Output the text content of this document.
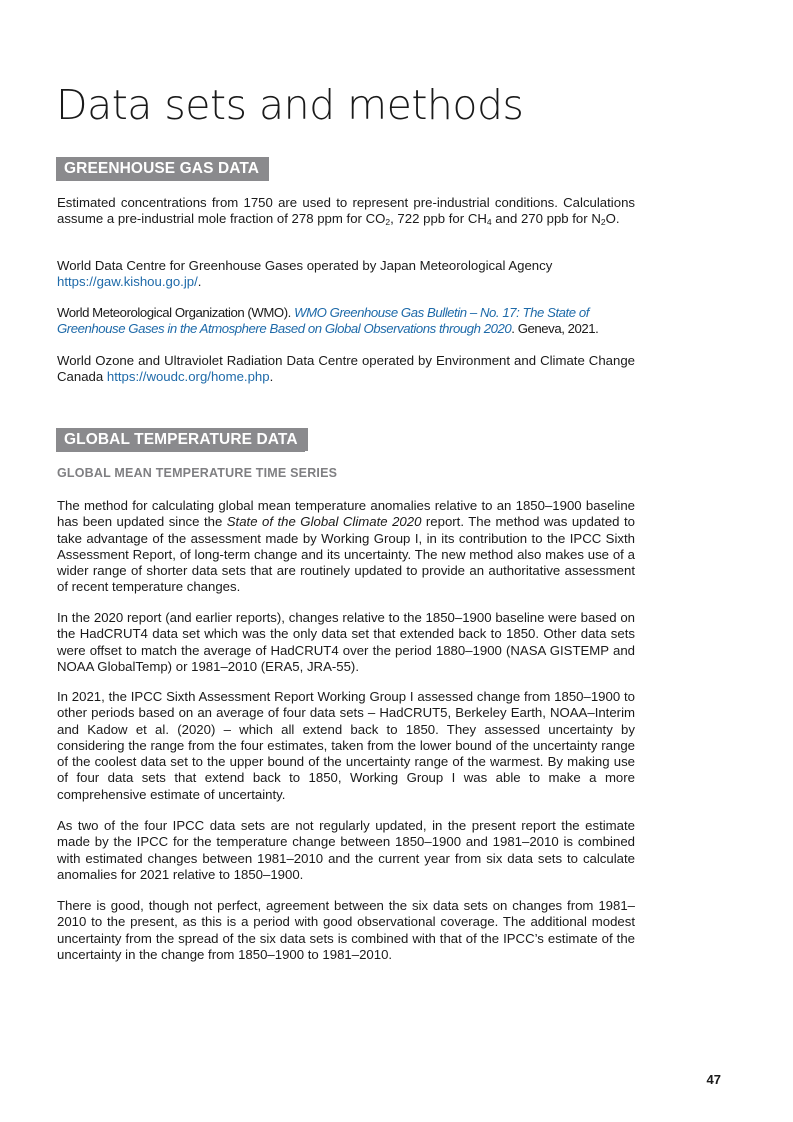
Data sets and methods
GREENHOUSE GAS DATA

Estimated concentrations from 1750 are used to represent pre-industrial conditions. Calculations assume a pre-industrial mole fraction of 278 ppm for $CO_2$, 722 ppb for $CH_4$ and 270 ppb for $N_2O$.

World Data Centre for Greenhouse Gases operated by Japan Meteorological Agency https://gaw.kishou.go.jp/.

World Meteorological Organization (WMO). WMO Greenhouse Gas Bulletin – No. 17: The State of Greenhouse Gases in the Atmosphere Based on Global Observations through 2020. Geneva, 2021.

World Ozone and Ultraviolet Radiation Data Centre operated by Environment and Climate Change Canada https://woudc.org/home.php.

GLOBAL TEMPERATURE DATA
GLOBAL MEAN TEMPERATURE TIME SERIES

The method for calculating global mean temperature anomalies relative to an 1850–1900 baseline has been updated since the State of the Global Climate 2020 report. The method was updated to take advantage of the assessment made by Working Group I, in its contribution to the IPCC Sixth Assessment Report, of long-term change and its uncertainty. The new method also makes use of a wider range of shorter data sets that are routinely updated to provide an authoritative assessment of recent temperature changes.

In the 2020 report (and earlier reports), changes relative to the 1850–1900 baseline were based on the HadCRUT4 data set which was the only data set that extended back to 1850. Other data sets were offset to match the average of HadCRUT4 over the period 1880–1900 (NASA GISTEMP and NOAA GlobalTemp) or 1981–2010 (ERA5, JRA-55).

In 2021, the IPCC Sixth Assessment Report Working Group I assessed change from 1850–1900 to other periods based on an average of four data sets – HadCRUT5, Berkeley Earth, NOAA–Interim and Kadow et al. (2020) – which all extend back to 1850. They assessed uncertainty by considering the range from the four estimates, taken from the lower bound of the uncertainty range of the coolest data set to the upper bound of the uncertainty range of the warmest. By making use of four data sets that extend back to 1850, Working Group I was able to make a more comprehensive estimate of uncertainty.

As two of the four IPCC data sets are not regularly updated, in the present report the estimate made by the IPCC for the temperature change between 1850–1900 and 1981–2010 is combined with estimated changes between 1981–2010 and the current year from six data sets to calculate anomalies for 2021 relative to 1850–1900.

There is good, though not perfect, agreement between the six data sets on changes from 1981–2010 to the present, as this is a period with good observational coverage. The additional modest uncertainty from the spread of the six data sets is combined with that of the IPCC’s estimate of the uncertainty in the change from 1850–1900 to 1981–2010.

47
